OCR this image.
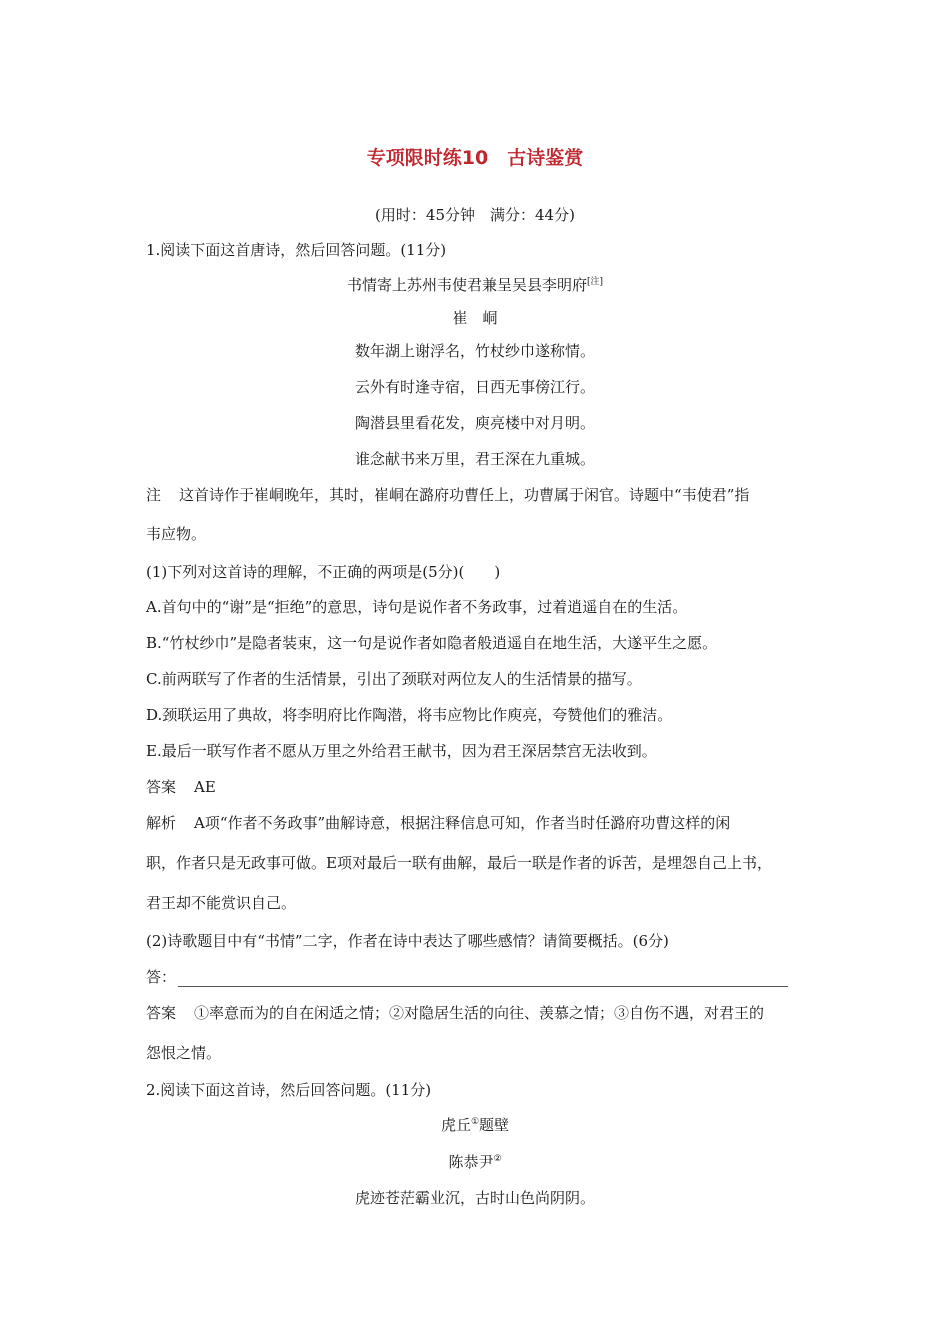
专项限时练10　古诗鉴赏
(用时：45分钟　满分：44分)
1.阅读下面这首唐诗，然后回答问题。(11分)
书情寄上苏州韦使君兼呈吴县李明府[注]
崔　峒
数年湖上谢浮名，竹杖纱巾遂称情。
云外有时逢寺宿，日西无事傍江行。
陶潜县里看花发，庾亮楼中对月明。
谁念献书来万里，君王深在九重城。
注 这首诗作于崔峒晚年，其时，崔峒在潞府功曹任上，功曹属于闲官。诗题中“韦使君”指
韦应物。
(1)下列对这首诗的理解，不正确的两项是(5分)(　　)
A.首句中的“谢”是“拒绝”的意思，诗句是说作者不务政事，过着逍遥自在的生活。
B.“竹杖纱巾”是隐者装束，这一句是说作者如隐者般逍遥自在地生活，大遂平生之愿。
C.前两联写了作者的生活情景，引出了颈联对两位友人的生活情景的描写。
D.颈联运用了典故，将李明府比作陶潜，将韦应物比作庾亮，夸赞他们的雅洁。
E.最后一联写作者不愿从万里之外给君王献书，因为君王深居禁宫无法收到。
答案 AE
解析 A项“作者不务政事”曲解诗意，根据注释信息可知，作者当时任潞府功曹这样的闲
职，作者只是无政事可做。E项对最后一联有曲解，最后一联是作者的诉苦，是埋怨自己上书，
君王却不能赏识自己。
(2)诗歌题目中有“书情”二字，作者在诗中表达了哪些感情？请简要概括。(6分)
答：
答案 ①率意而为的自在闲适之情；②对隐居生活的向往、羡慕之情；③自伤不遇，对君王的
怨恨之情。
2.阅读下面这首诗，然后回答问题。(11分)
虎丘①题壁
陈恭尹②
虎迹苍茫霸业沉，古时山色尚阴阴。
